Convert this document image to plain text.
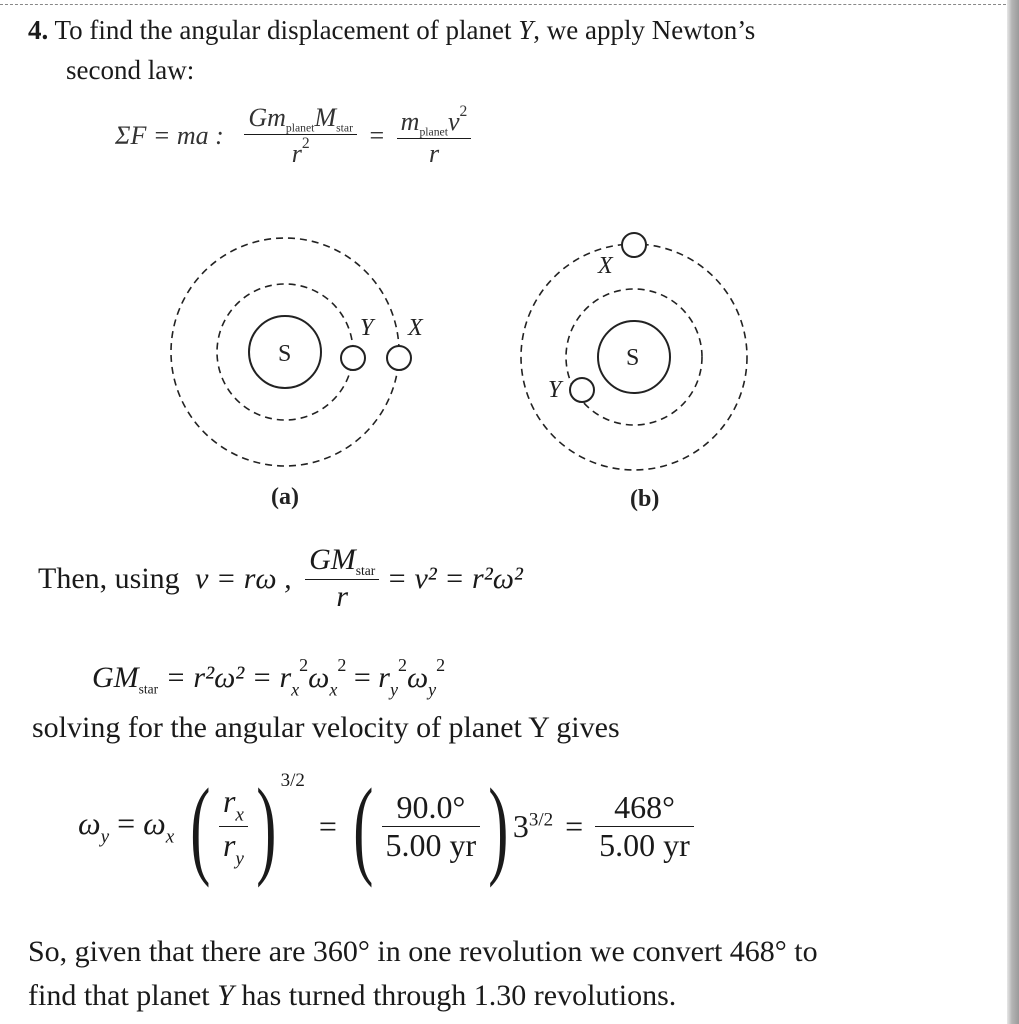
4. To find the angular displacement of planet Y, we apply Newton’s
second law:
ΣF = ma : $\frac{Gm_{planet}M_{star}}{r^2} = \frac{m_{planet}v^2}{r}$
S
Y X
S
X
Y
(a)	(b)
Then, using v = rω , $\frac{GM_{star}}{r} = v^2 = r^2\omega^2$
$GM_{star} = r^2\omega^2 = r_x^2\omega_x^2 = r_y^2\omega_y^2$
solving for the angular velocity of planet Y gives
$\omega_y = \omega_x$ ( $\frac{r_x}{r_y}$ ) $^{3/2}$ = ( $\frac{90.0^\circ}{5.00 yr}$ ) $3^{3/2} = \frac{468^\circ}{5.00 yr}$
So, given that there are 360° in one revolution we convert 468° to
find that planet Y has turned through 1.30 revolutions.
